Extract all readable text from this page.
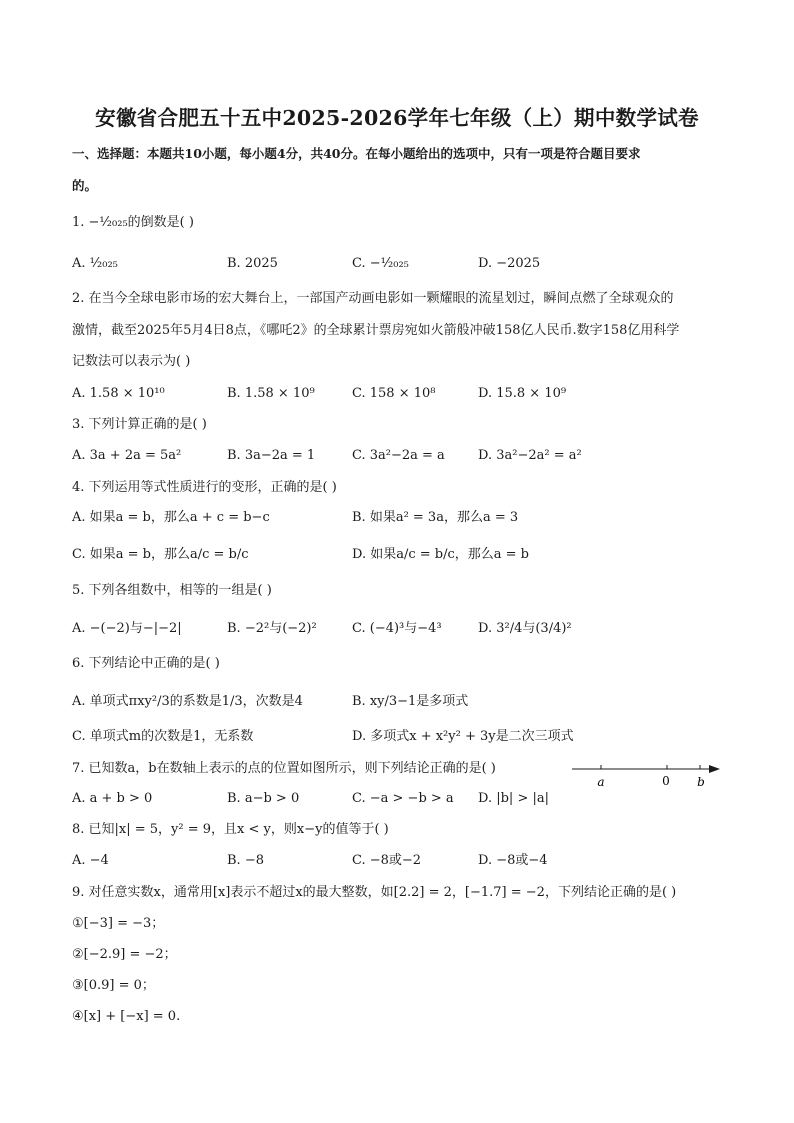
安徽省合肥五十五中2025-2026学年七年级（上）期中数学试卷
一、选择题：本题共10小题，每小题4分，共40分。在每小题给出的选项中，只有一项是符合题目要求
的。
1. −¹⁄₂₀₂₅的倒数是( )
A. ¹⁄₂₀₂₅	B. 2025	C. −¹⁄₂₀₂₅	D. −2025
2. 在当今全球电影市场的宏大舞台上，一部国产动画电影如一颗耀眼的流星划过，瞬间点燃了全球观众的
激情，截至2025年5月4日8点，《哪吒2》的全球累计票房宛如火箭般冲破158亿人民币.数字158亿用科学
记数法可以表示为( )
A. 1.58 × 10¹⁰	B. 1.58 × 10⁹	C. 158 × 10⁸	D. 15.8 × 10⁹
3. 下列计算正确的是( )
A. 3a + 2a = 5a²	B. 3a−2a = 1	C. 3a²−2a = a	D. 3a²−2a² = a²
4. 下列运用等式性质进行的变形，正确的是( )
A. 如果a = b，那么a + c = b−c	B. 如果a² = 3a，那么a = 3
C. 如果a = b，那么a/c = b/c	D. 如果a/c = b/c，那么a = b
5. 下列各组数中，相等的一组是( )
A. −(−2)与−|−2|	B. −2²与(−2)²	C. (−4)³与−4³	D. 3²/4与(3/4)²
6. 下列结论中正确的是( )
A. 单项式πxy²/3的系数是1/3，次数是4	B. xy/3−1是多项式
C. 单项式m的次数是1，无系数	D. 多项式x + x²y² + 3y是二次三项式
7. 已知数a，b在数轴上表示的点的位置如图所示，则下列结论正确的是( )
a	0 b
A. a + b > 0	B. a−b > 0	C. −a > −b > a D. |b| > |a|
8. 已知|x| = 5，y² = 9，且x < y，则x−y的值等于( )
A. −4	B. −8	C. −8或−2	D. −8或−4
9. 对任意实数x，通常用[x]表示不超过x的最大整数，如[2.2] = 2，[−1.7] = −2，下列结论正确的是( )
①[−3] = −3；
②[−2.9] = −2；
③[0.9] = 0；
④[x] + [−x] = 0.
